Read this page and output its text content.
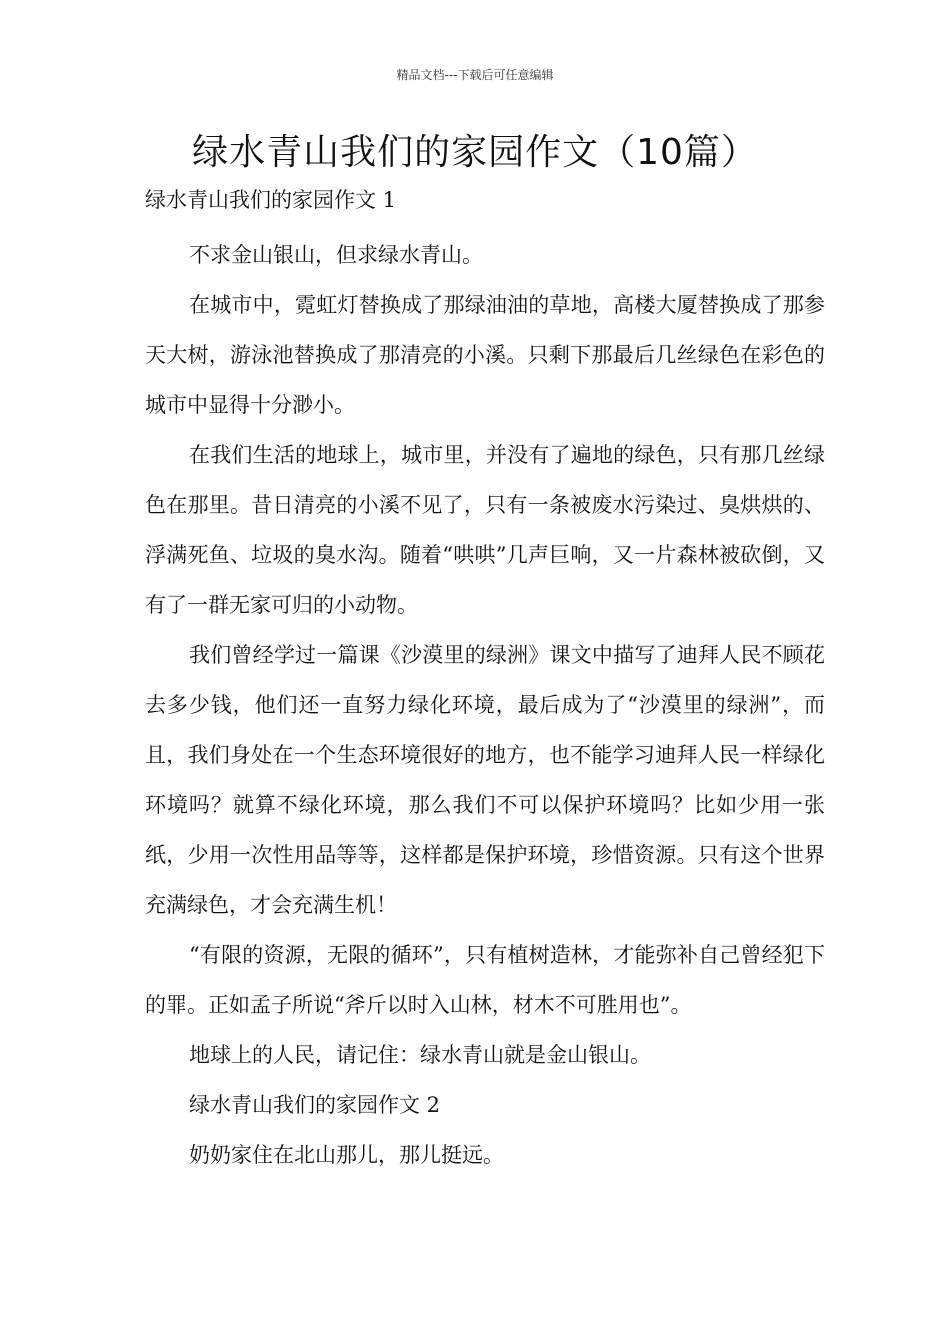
精品文档---下载后可任意编辑
绿水青山我们的家园作文（10篇）

绿水青山我们的家园作文 1

不求金山银山，但求绿水青山。

在城市中，霓虹灯替换成了那绿油油的草地，高楼大厦替换成了那参天大树，游泳池替换成了那清亮的小溪。只剩下那最后几丝绿色在彩色的城市中显得十分渺小。

在我们生活的地球上，城市里，并没有了遍地的绿色，只有那几丝绿色在那里。昔日清亮的小溪不见了，只有一条被废水污染过、臭烘烘的、浮满死鱼、垃圾的臭水沟。随着“哄哄”几声巨响，又一片森林被砍倒，又有了一群无家可归的小动物。

我们曾经学过一篇课《沙漠里的绿洲》课文中描写了迪拜人民不顾花去多少钱，他们还一直努力绿化环境，最后成为了“沙漠里的绿洲”，而且，我们身处在一个生态环境很好的地方，也不能学习迪拜人民一样绿化环境吗？就算不绿化环境，那么我们不可以保护环境吗？比如少用一张纸，少用一次性用品等等，这样都是保护环境，珍惜资源。只有这个世界充满绿色，才会充满生机！

“有限的资源，无限的循环”，只有植树造林，才能弥补自己曾经犯下的罪。正如孟子所说“斧斤以时入山林，材木不可胜用也”。

地球上的人民，请记住：绿水青山就是金山银山。

绿水青山我们的家园作文 2

奶奶家住在北山那儿，那儿挺远。
